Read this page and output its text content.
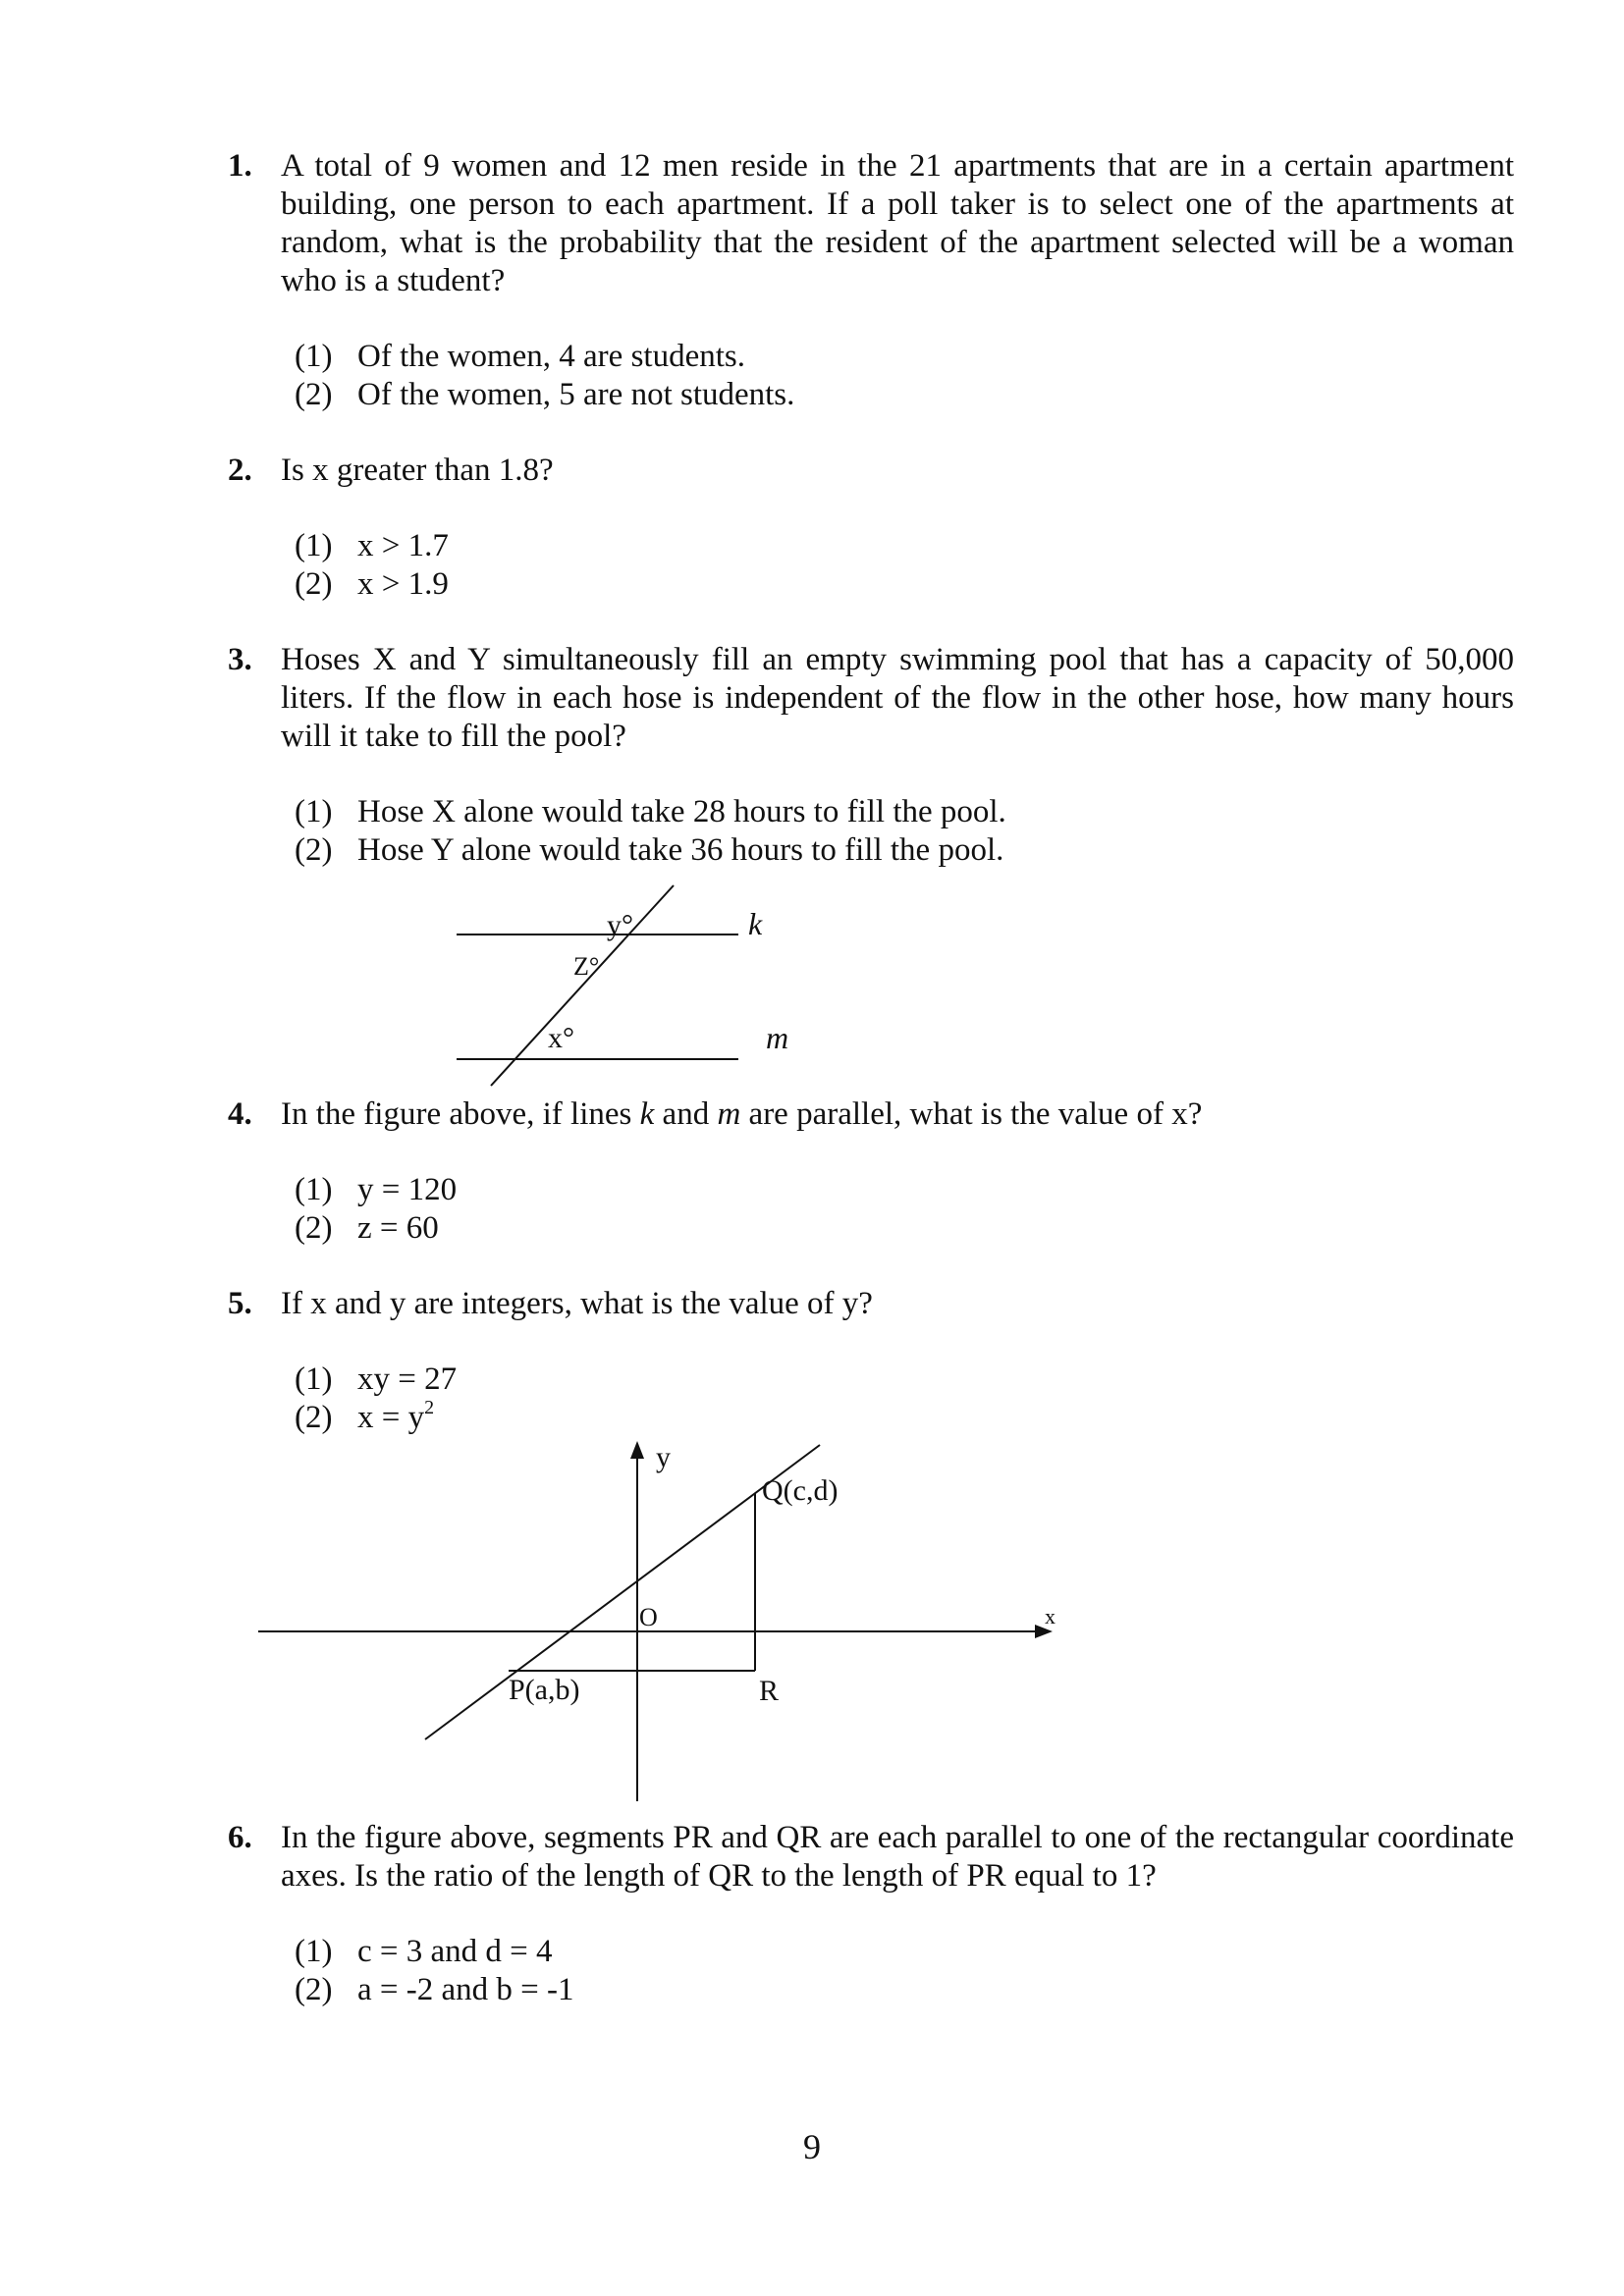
1. A total of 9 women and 12 men reside in the 21 apartments that are in a certain apartment building, one person to each apartment. If a poll taker is to select one of the apartments at random, what is the probability that the resident of the apartment selected will be a woman who is a student?
(1) Of the women, 4 are students.
(2) Of the women, 5 are not students.
2. Is x greater than 1.8?
(1) x > 1.7
(2) x > 1.9
3. Hoses X and Y simultaneously fill an empty swimming pool that has a capacity of 50,000 liters. If the flow in each hose is independent of the flow in the other hose, how many hours will it take to fill the pool?
(1) Hose X alone would take 28 hours to fill the pool.
(2) Hose Y alone would take 36 hours to fill the pool.
y°
Z°
x°
k
m
y
x
O
Q(c,d)
P(a,b)	R
4. In the figure above, if lines k and m are parallel, what is the value of x?
(1) y = 120
(2) z = 60
5. If x and y are integers, what is the value of y?
(1) xy = 27
(2) $x = y^2$
6. In the figure above, segments PR and QR are each parallel to one of the rectangular coordinate axes. Is the ratio of the length of QR to the length of PR equal to 1?
(1) c = 3 and d = 4
(2) a = -2 and b = -1
9
